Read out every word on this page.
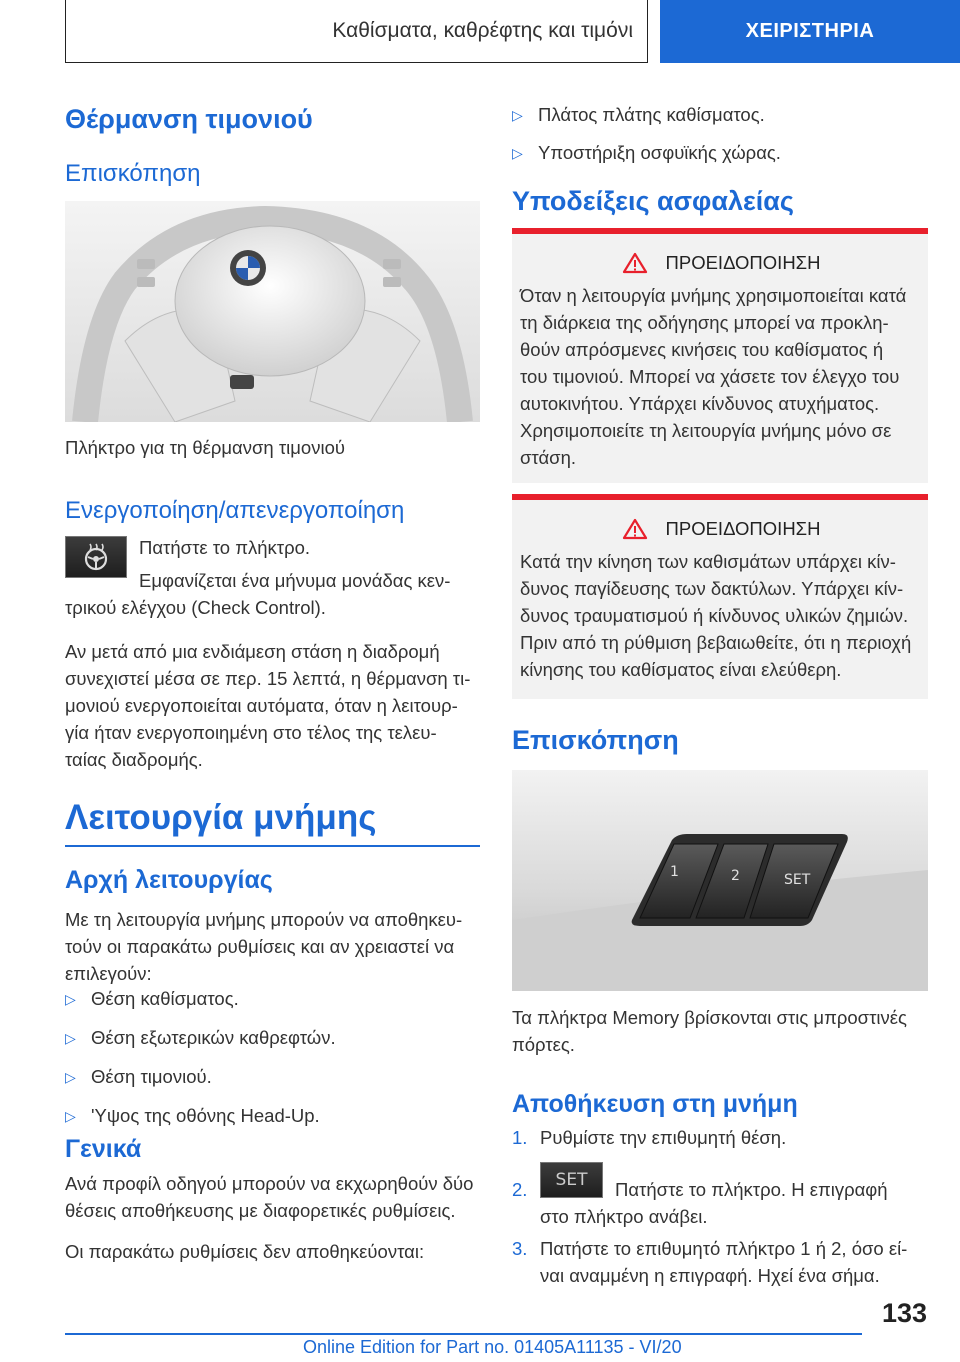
Καθίσματα, καθρέφτης και τιμόνι	ΧΕΙΡΙΣΤΗΡΙΑ
Θέρμανση τιμονιού
Επισκόπηση
Πλήκτρο για τη θέρμανση τιμονιού
Ενεργοποίηση/απενεργοποίηση
Πατήστε το πλήκτρο.
Εμφανίζεται ένα μήνυμα μονάδας κεν-
τρικού ελέγχου (Check Control).
Αν μετά από μια ενδιάμεση στάση η διαδρομή
συνεχιστεί μέσα σε περ. 15 λεπτά, η θέρμανση τι-
μονιού ενεργοποιείται αυτόματα, όταν η λειτουρ-
γία ήταν ενεργοποιημένη στο τέλος της τελευ-
ταίας διαδρομής.
Λειτουργία μνήμης
Αρχή λειτουργίας
Με τη λειτουργία μνήμης μπορούν να αποθηκευ-
τούν οι παρακάτω ρυθμίσεις και αν χρειαστεί να
επιλεγούν:
▷ Θέση καθίσματος.
▷ Θέση εξωτερικών καθρεφτών.
▷ Θέση τιμονιού.
▷ 'Υψος της οθόνης Head-Up.
Γενικά
Ανά προφίλ οδηγού μπορούν να εκχωρηθούν δύο
θέσεις αποθήκευσης με διαφορετικές ρυθμίσεις.
Οι παρακάτω ρυθμίσεις δεν αποθηκεύονται:
▷ Πλάτος πλάτης καθίσματος.
▷ Υποστήριξη οσφυϊκής χώρας.
Υποδείξεις ασφαλείας
ΠΡΟΕΙΔΟΠΟΙΗΣΗ
Όταν η λειτουργία μνήμης χρησιμοποιείται κατά
τη διάρκεια της οδήγησης μπορεί να προκλη-
θούν απρόσμενες κινήσεις του καθίσματος ή
του τιμονιού. Μπορεί να χάσετε τον έλεγχο του
αυτοκινήτου. Υπάρχει κίνδυνος ατυχήματος.
Χρησιμοποιείτε τη λειτουργία μνήμης μόνο σε
στάση.
ΠΡΟΕΙΔΟΠΟΙΗΣΗ
Κατά την κίνηση των καθισμάτων υπάρχει κίν-
δυνος παγίδευσης των δακτύλων. Υπάρχει κίν-
δυνος τραυματισμού ή κίνδυνος υλικών ζημιών.
Πριν από τη ρύθμιση βεβαιωθείτε, ότι η περιοχή
κίνησης του καθίσματος είναι ελεύθερη.
Επισκόπηση
1	2	SET
Τα πλήκτρα Memory βρίσκονται στις μπροστινές
πόρτες.
Αποθήκευση στη μνήμη
1. Ρυθμίστε την επιθυμητή θέση.
2.	SET	Πατήστε το πλήκτρο. Η επιγραφή
στο πλήκτρο ανάβει.
3. Πατήστε το επιθυμητό πλήκτρο 1 ή 2, όσο εί-
ναι αναμμένη η επιγραφή. Ηχεί ένα σήμα.
133
Online Edition for Part no. 01405A11135 - VI/20
